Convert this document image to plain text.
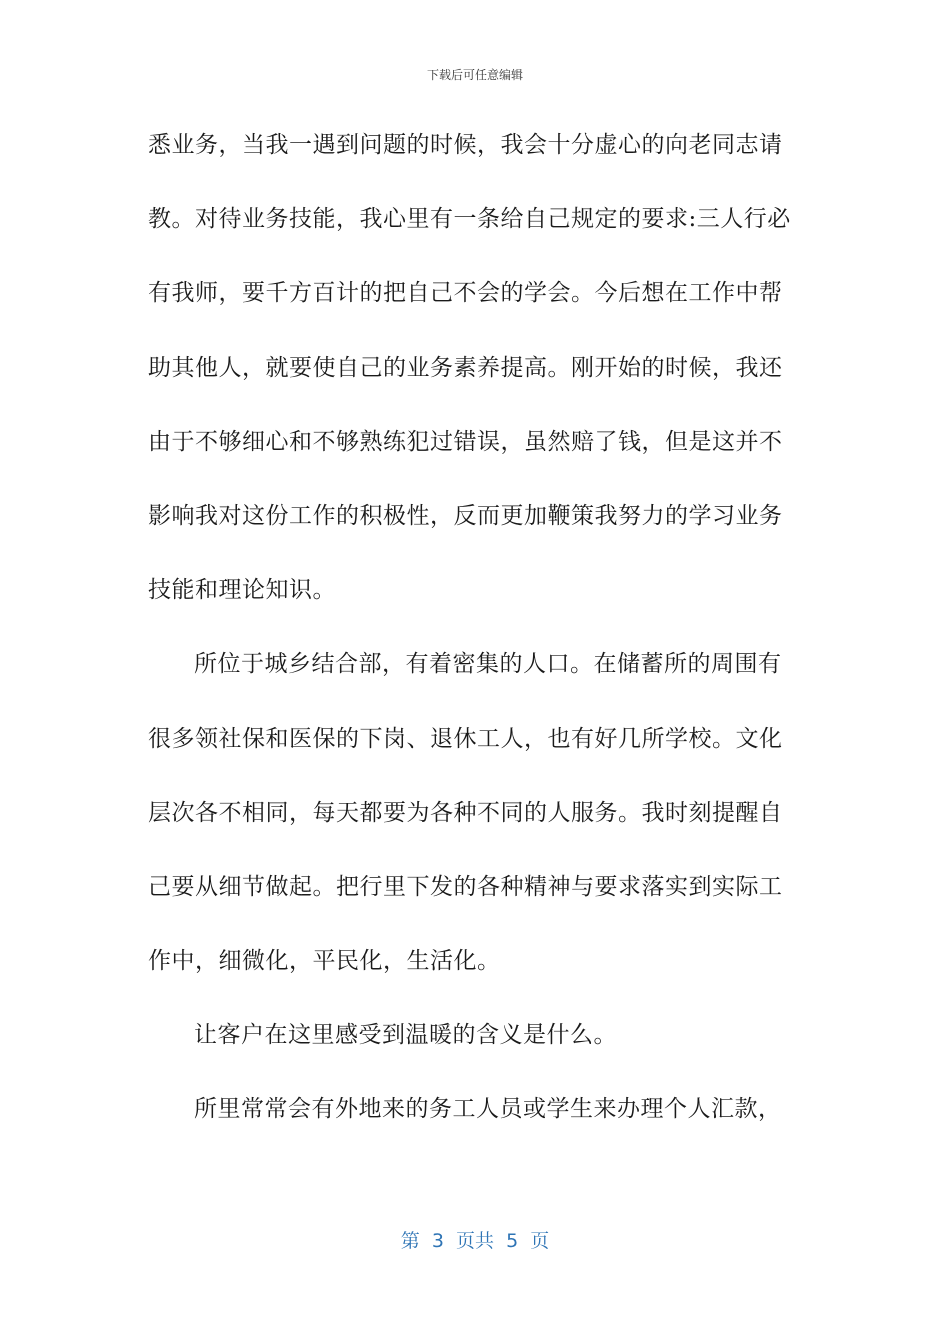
下载后可任意编辑
悉业务，当我一遇到问题的时候，我会十分虚心的向老同志请
教。对待业务技能，我心里有一条给自己规定的要求:三人行必
有我师，要千方百计的把自己不会的学会。今后想在工作中帮
助其他人，就要使自己的业务素养提高。刚开始的时候，我还
由于不够细心和不够熟练犯过错误，虽然赔了钱，但是这并不
影响我对这份工作的积极性，反而更加鞭策我努力的学习业务
技能和理论知识。
所位于城乡结合部，有着密集的人口。在储蓄所的周围有
很多领社保和医保的下岗、退休工人，也有好几所学校。文化
层次各不相同，每天都要为各种不同的人服务。我时刻提醒自
己要从细节做起。把行里下发的各种精神与要求落实到实际工
作中，细微化，平民化，生活化。
让客户在这里感受到温暖的含义是什么。
所里常常会有外地来的务工人员或学生来办理个人汇款，
第  3  页共  5  页
